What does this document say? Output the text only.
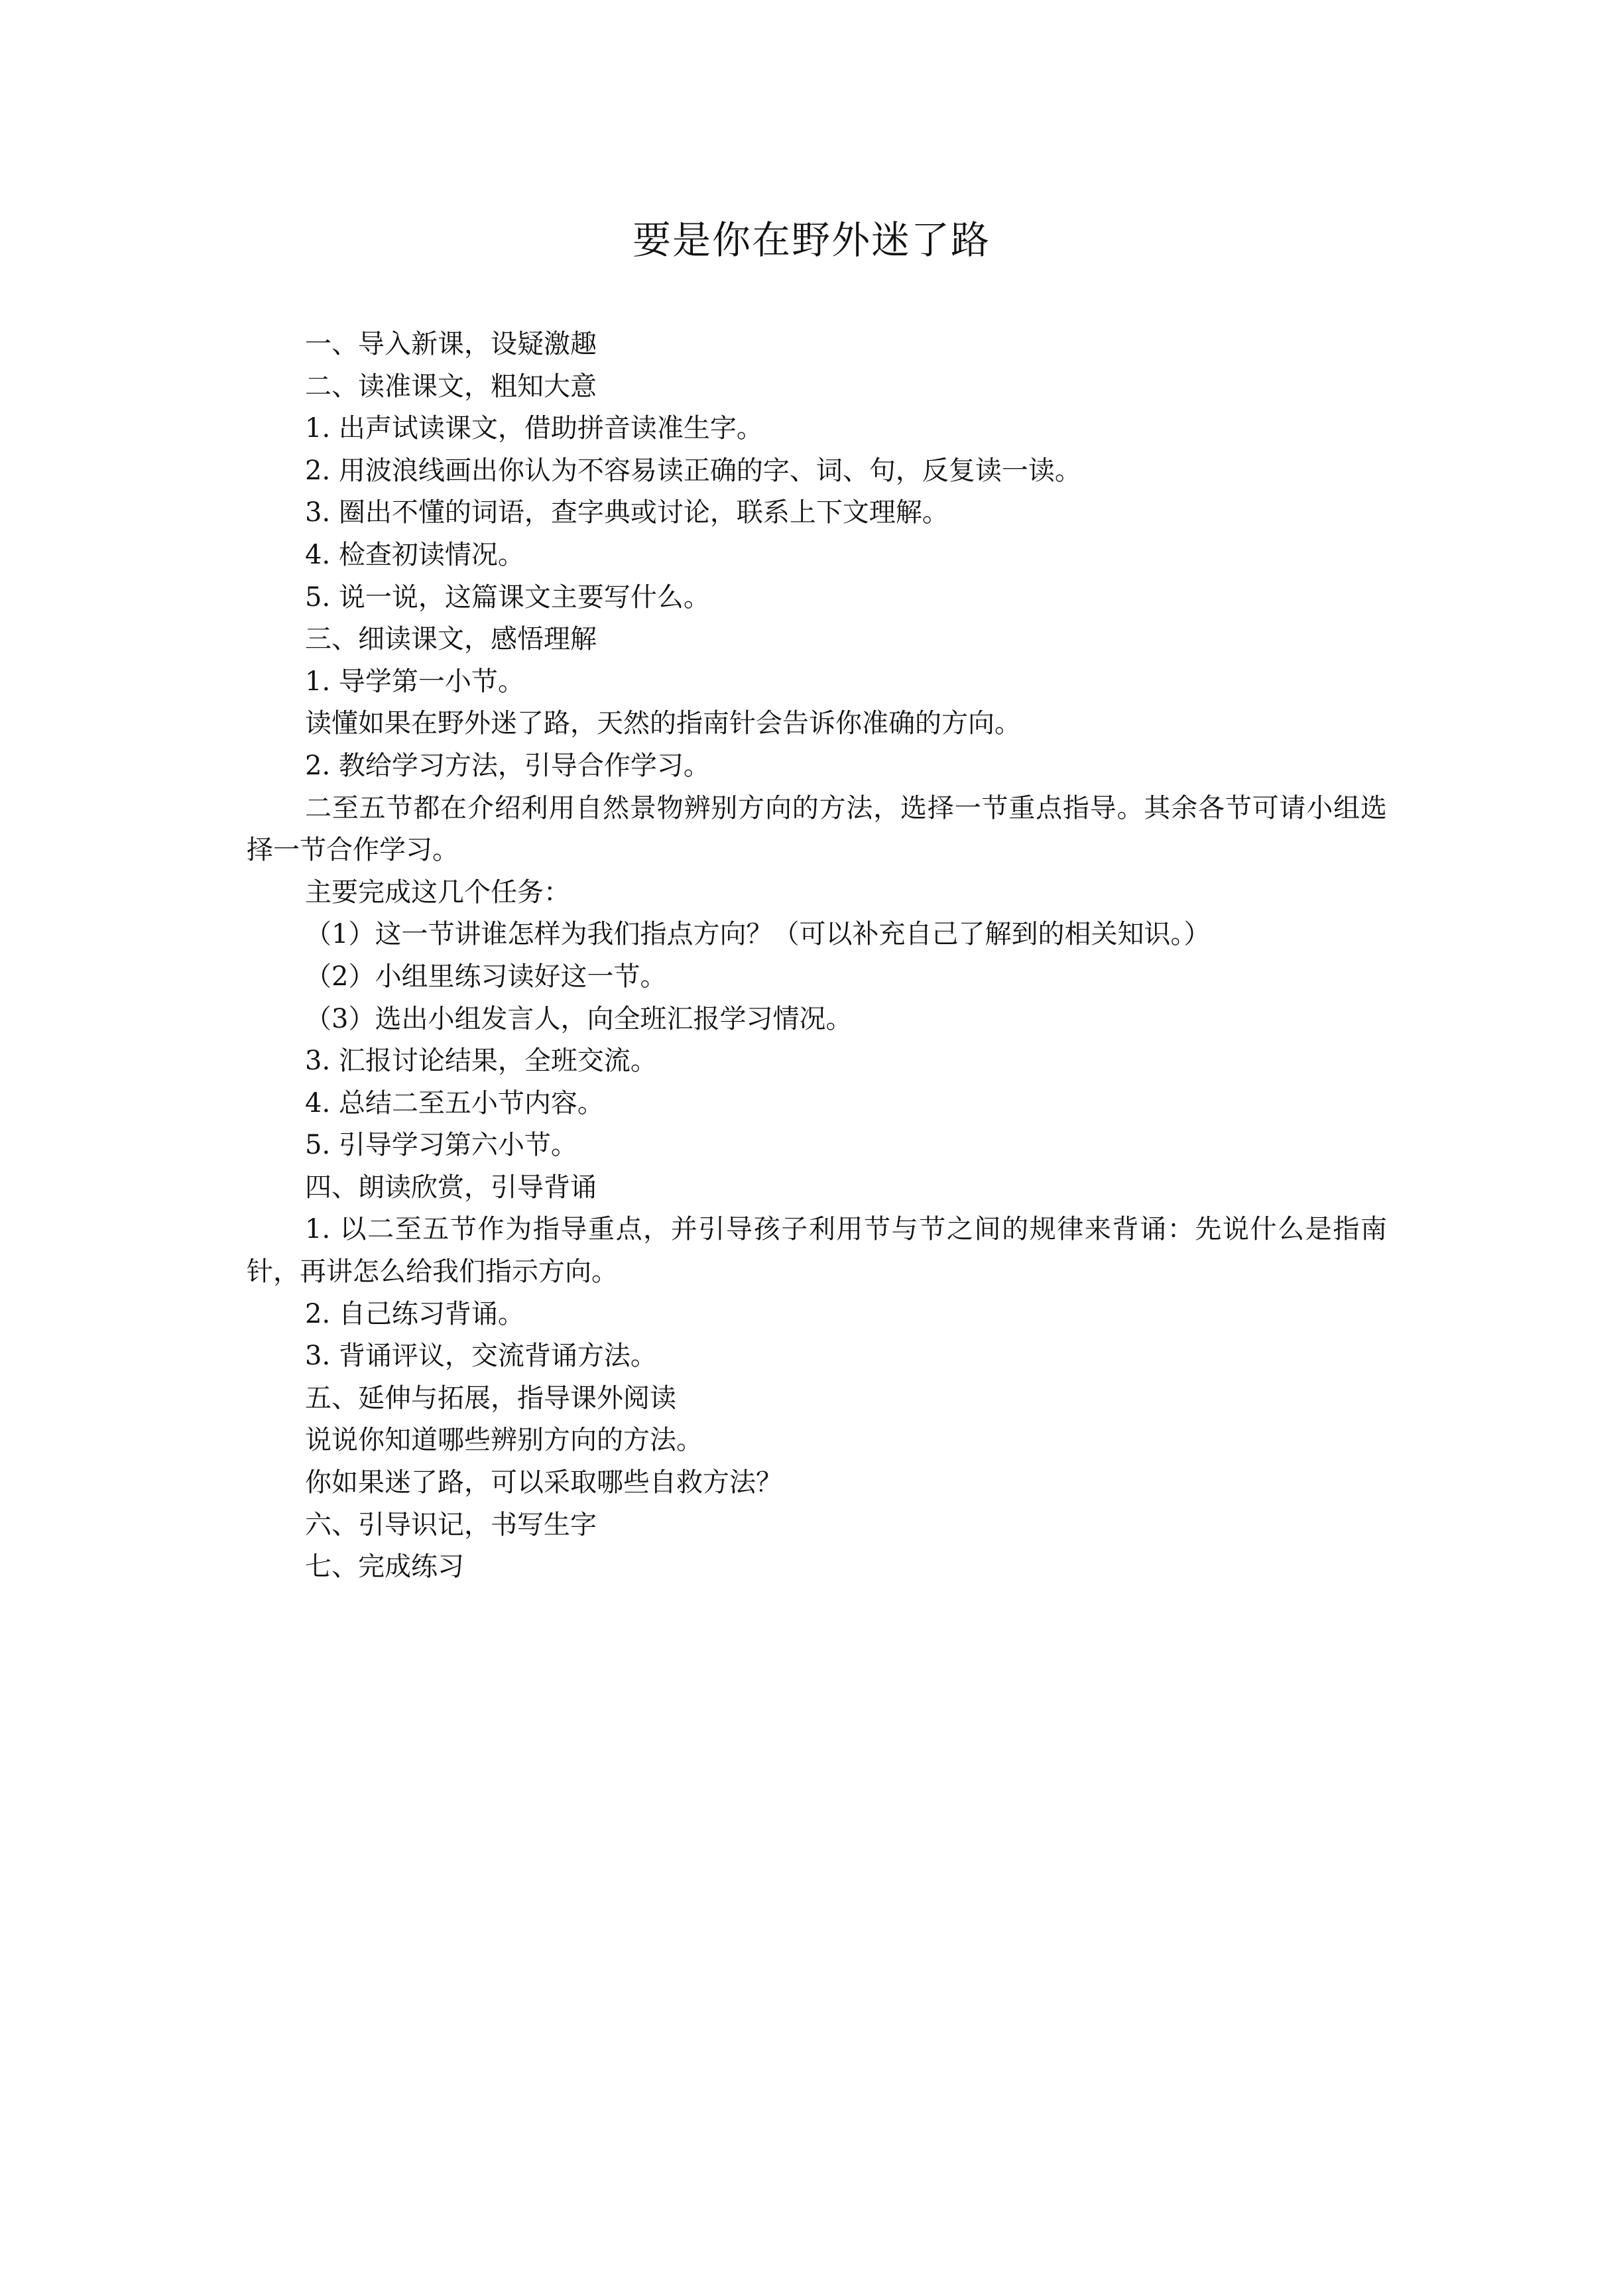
要是你在野外迷了路

一、导入新课，设疑激趣

二、读准课文，粗知大意

1. 出声试读课文，借助拼音读准生字。

2. 用波浪线画出你认为不容易读正确的字、词、句，反复读一读。

3. 圈出不懂的词语，查字典或讨论，联系上下文理解。

4. 检查初读情况。

5. 说一说，这篇课文主要写什么。

三、细读课文，感悟理解

1. 导学第一小节。

读懂如果在野外迷了路，天然的指南针会告诉你准确的方向。

2. 教给学习方法，引导合作学习。

二至五节都在介绍利用自然景物辨别方向的方法，选择一节重点指导。其余各节可请小组选择一节合作学习。

主要完成这几个任务：

（1）这一节讲谁怎样为我们指点方向？（可以补充自己了解到的相关知识。）

（2）小组里练习读好这一节。

（3）选出小组发言人，向全班汇报学习情况。

3. 汇报讨论结果，全班交流。

4. 总结二至五小节内容。

5. 引导学习第六小节。

四、朗读欣赏，引导背诵

1. 以二至五节作为指导重点，并引导孩子利用节与节之间的规律来背诵：先说什么是指南针，再讲怎么给我们指示方向。

2. 自己练习背诵。

3. 背诵评议，交流背诵方法。

五、延伸与拓展，指导课外阅读

说说你知道哪些辨别方向的方法。

你如果迷了路，可以采取哪些自救方法？

六、引导识记，书写生字

七、完成练习
